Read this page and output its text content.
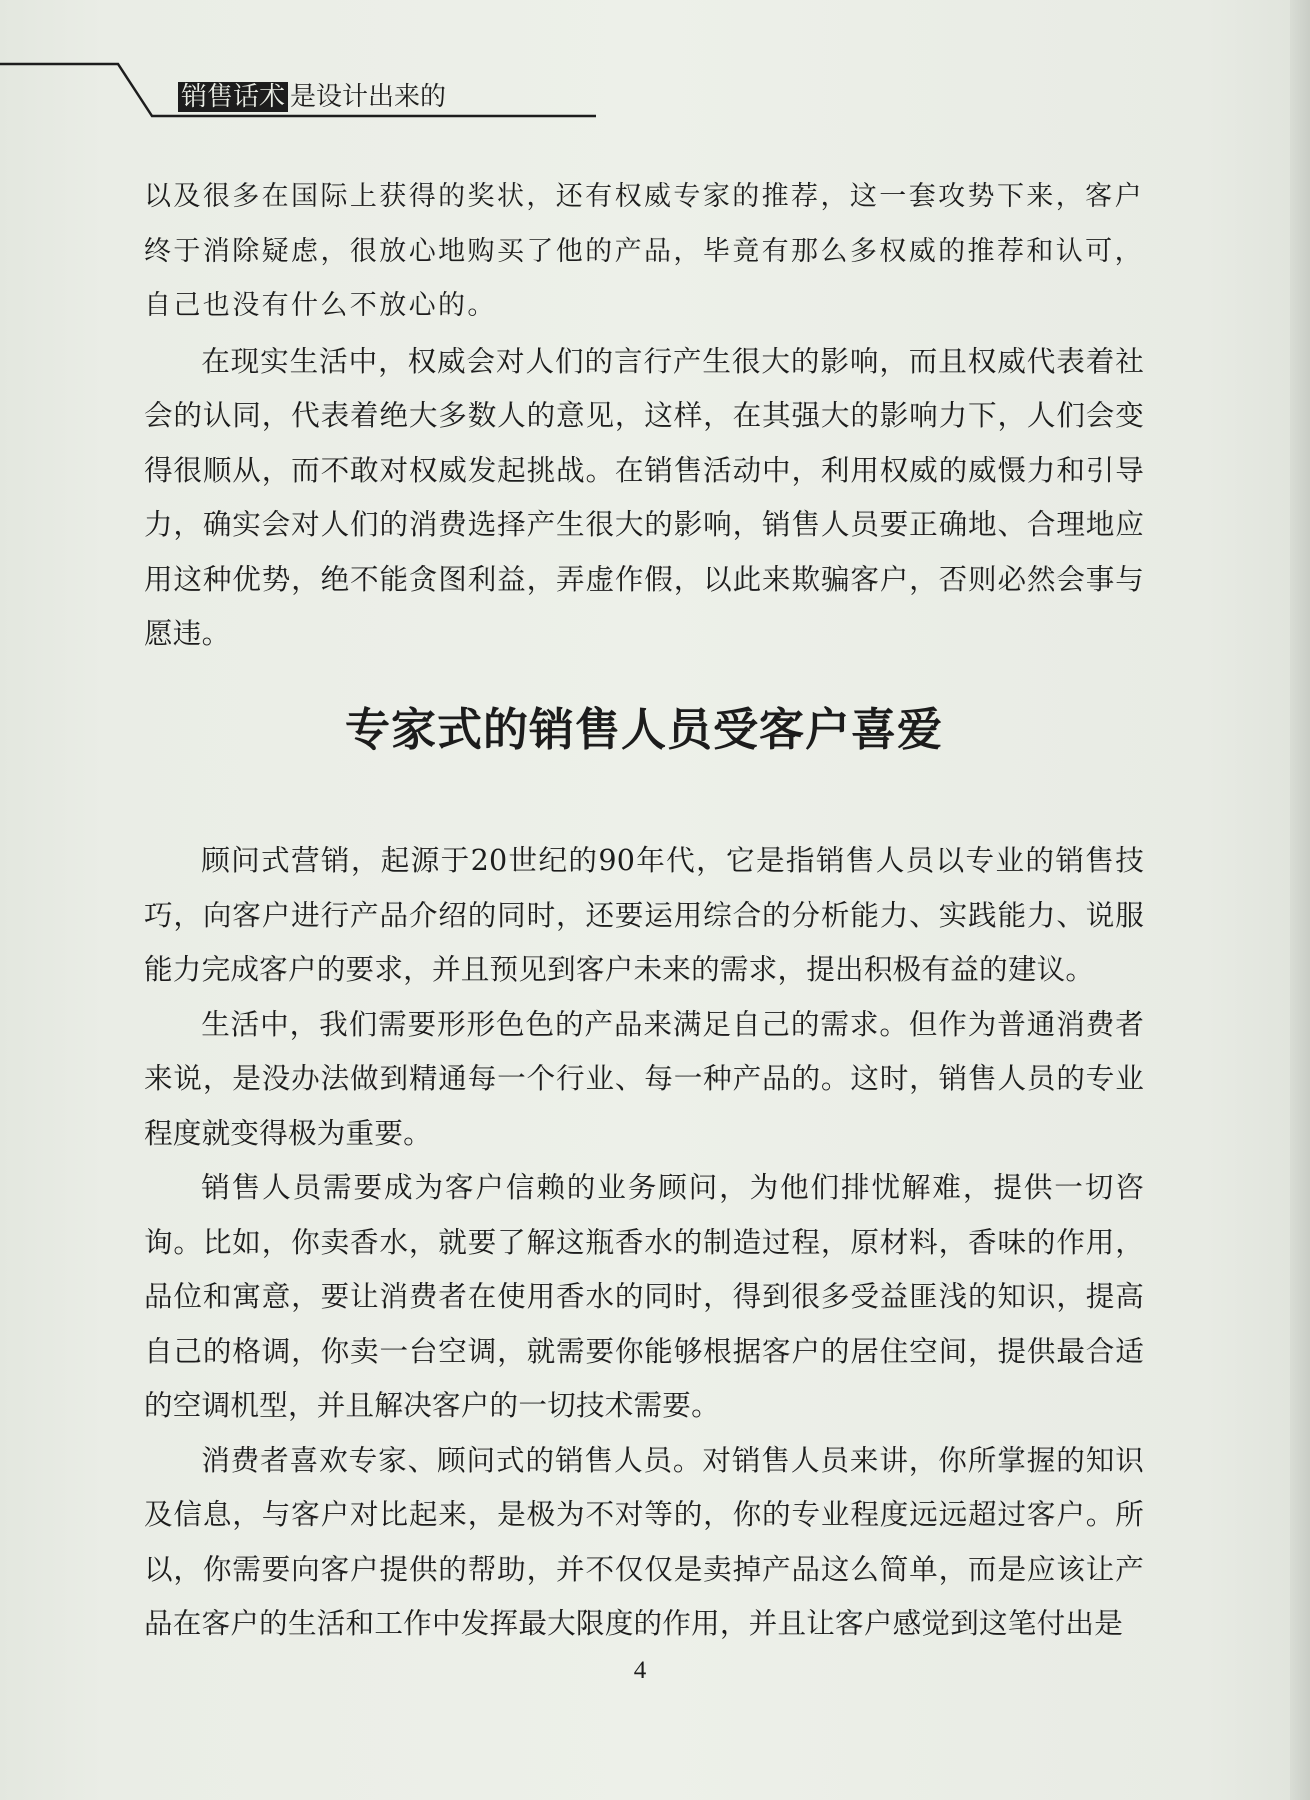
销售话术 是设计出来的

以及很多在国际上获得的奖状，还有权威专家的推荐，这一套攻势下来，客户终于消除疑虑，很放心地购买了他的产品，毕竟有那么多权威的推荐和认可，自己也没有什么不放心的。

在现实生活中，权威会对人们的言行产生很大的影响，而且权威代表着社会的认同，代表着绝大多数人的意见，这样，在其强大的影响力下，人们会变得很顺从，而不敢对权威发起挑战。在销售活动中，利用权威的威慑力和引导力，确实会对人们的消费选择产生很大的影响，销售人员要正确地、合理地应用这种优势，绝不能贪图利益，弄虚作假，以此来欺骗客户，否则必然会事与愿违。

专家式的销售人员受客户喜爱

顾问式营销，起源于20世纪的90年代，它是指销售人员以专业的销售技巧，向客户进行产品介绍的同时，还要运用综合的分析能力、实践能力、说服能力完成客户的要求，并且预见到客户未来的需求，提出积极有益的建议。

生活中，我们需要形形色色的产品来满足自己的需求。但作为普通消费者来说，是没办法做到精通每一个行业、每一种产品的。这时，销售人员的专业程度就变得极为重要。

销售人员需要成为客户信赖的业务顾问，为他们排忧解难，提供一切咨询。比如，你卖香水，就要了解这瓶香水的制造过程，原材料，香味的作用，品位和寓意，要让消费者在使用香水的同时，得到很多受益匪浅的知识，提高自己的格调，你卖一台空调，就需要你能够根据客户的居住空间，提供最合适的空调机型，并且解决客户的一切技术需要。

消费者喜欢专家、顾问式的销售人员。对销售人员来讲，你所掌握的知识及信息，与客户对比起来，是极为不对等的，你的专业程度远远超过客户。所以，你需要向客户提供的帮助，并不仅仅是卖掉产品这么简单，而是应该让产品在客户的生活和工作中发挥最大限度的作用，并且让客户感觉到这笔付出是

4
